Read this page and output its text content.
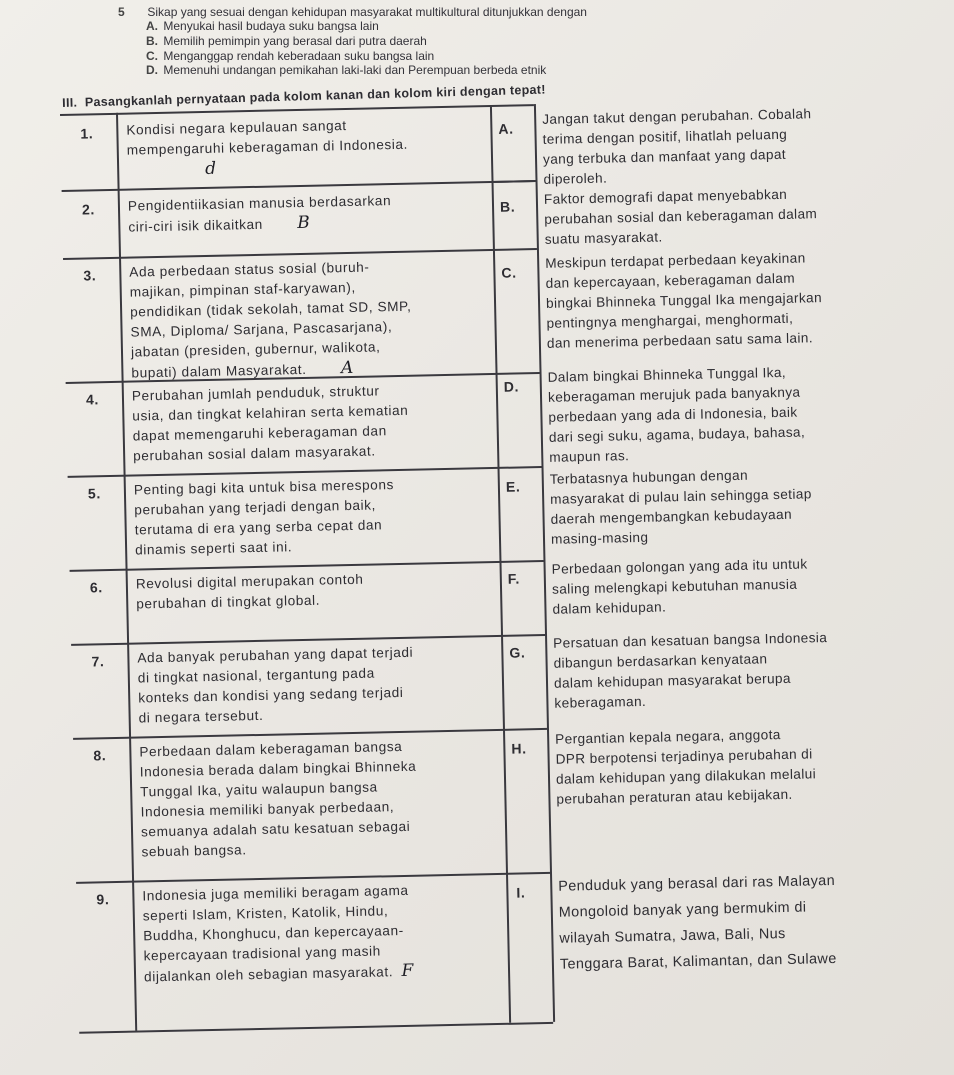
5 Sikap yang sesuai dengan kehidupan masyarakat multikultural ditunjukkan dengan
A. Menyukai hasil budaya suku bangsa lain
B. Memilih pemimpin yang berasal dari putra daerah
C. Menganggap rendah keberadaan suku bangsa lain
D. Memenuhi undangan pemikahan laki-laki dan Perempuan berbeda etnik
III. Pasangkanlah pernyataan pada kolom kanan dan kolom kiri dengan tepat!
1. Kondisi negara kepulauan sangat
mempengaruhi keberagaman di Indonesia.
d
2. Pengidentiikasian manusia berdasarkan
ciri-ciri isik dikaitkan B
3. Ada perbedaan status sosial (buruh-
majikan, pimpinan staf-karyawan),
pendidikan (tidak sekolah, tamat SD, SMP,
SMA, Diploma/ Sarjana, Pascasarjana),
jabatan (presiden, gubernur, walikota,
bupati) dalam Masyarakat. A
4. Perubahan jumlah penduduk, struktur
usia, dan tingkat kelahiran serta kematian
dapat memengaruhi keberagaman dan
perubahan sosial dalam masyarakat.
5. Penting bagi kita untuk bisa merespons
perubahan yang terjadi dengan baik,
terutama di era yang serba cepat dan
dinamis seperti saat ini.
6. Revolusi digital merupakan contoh
perubahan di tingkat global.
7. Ada banyak perubahan yang dapat terjadi
di tingkat nasional, tergantung pada
konteks dan kondisi yang sedang terjadi
di negara tersebut.
8. Perbedaan dalam keberagaman bangsa
Indonesia berada dalam bingkai Bhinneka
Tunggal Ika, yaitu walaupun bangsa
Indonesia memiliki banyak perbedaan,
semuanya adalah satu kesatuan sebagai
sebuah bangsa.
9. Indonesia juga memiliki beragam agama
seperti Islam, Kristen, Katolik, Hindu,
Buddha, Khonghucu, dan kepercayaan-
kepercayaan tradisional yang masih
dijalankan oleh sebagian masyarakat. F
A.
B.
C.
D.
E.
F.
G.
H.
I.
Jangan takut dengan perubahan. Cobalah
terima dengan positif, lihatlah peluang
yang terbuka dan manfaat yang dapat
diperoleh.
Faktor demografi dapat menyebabkan
perubahan sosial dan keberagaman dalam
suatu masyarakat.
Meskipun terdapat perbedaan keyakinan
dan kepercayaan, keberagaman dalam
bingkai Bhinneka Tunggal Ika mengajarkan
pentingnya menghargai, menghormati,
dan menerima perbedaan satu sama lain.
Dalam bingkai Bhinneka Tunggal Ika,
keberagaman merujuk pada banyaknya
perbedaan yang ada di Indonesia, baik
dari segi suku, agama, budaya, bahasa,
maupun ras.
Terbatasnya hubungan dengan
masyarakat di pulau lain sehingga setiap
daerah mengembangkan kebudayaan
masing-masing
Perbedaan golongan yang ada itu untuk
saling melengkapi kebutuhan manusia
dalam kehidupan.
Persatuan dan kesatuan bangsa Indonesia
dibangun berdasarkan kenyataan
dalam kehidupan masyarakat berupa
keberagaman.
Pergantian kepala negara, anggota
DPR berpotensi terjadinya perubahan di
dalam kehidupan yang dilakukan melalui
perubahan peraturan atau kebijakan.
Penduduk yang berasal dari ras Malayan
Mongoloid banyak yang bermukim di
wilayah Sumatra, Jawa, Bali, Nus
Tenggara Barat, Kalimantan, dan Sulawe
